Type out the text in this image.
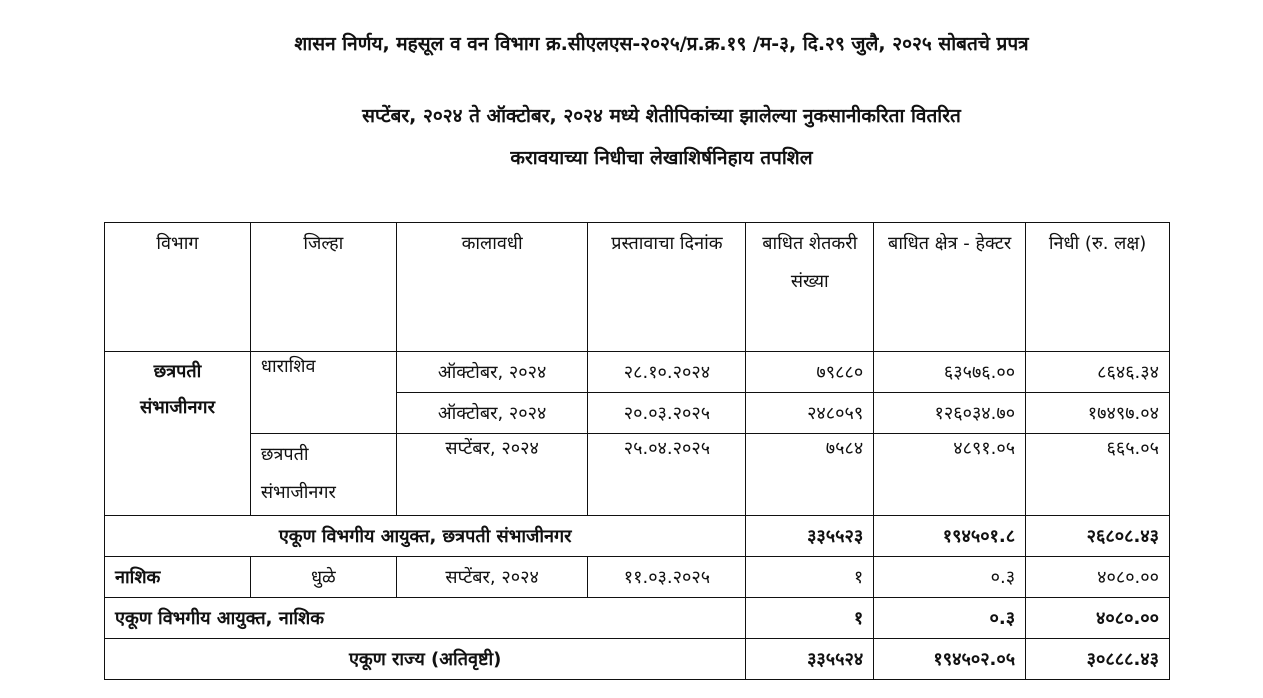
शासन निर्णय, महसूल व वन विभाग क्र.सीएलएस-२०२५/प्र.क्र.१९ /म-३, दि.२९ जुलै, २०२५ सोबतचे प्रपत्र
सप्टेंबर, २०२४ ते ऑक्टोबर, २०२४ मध्ये शेतीपिकांच्या झालेल्या नुकसानीकरिता वितरित
करावयाच्या निधीचा लेखाशिर्षनिहाय तपशिल
विभाग	जिल्हा	कालावधी	प्रस्तावाचा दिनांक	बाधित शेतकरी संख्या	बाधित क्षेत्र - हेक्टर	निधी (रु. लक्ष)
छत्रपती संभाजीनगर	धाराशिव	ऑक्टोबर, २०२४	२८.१०.२०२४	७९८८०	६३५७६.००	८६४६.३४
		ऑक्टोबर, २०२४	२०.०३.२०२५	२४८०५९	१२६०३४.७०	१७४९७.०४
	छत्रपती संभाजीनगर	सप्टेंबर, २०२४	२५.०४.२०२५	७५८४	४८९१.०५	६६५.०५
एकूण विभगीय आयुक्त, छत्रपती संभाजीनगर				३३५५२३	१९४५०१.८	२६८०८.४३
नाशिक	धुळे	सप्टेंबर, २०२४	११.०३.२०२५	१	०.३	४०८०.००
एकूण विभगीय आयुक्त, नाशिक				१	०.३	४०८०.००
एकूण राज्य (अतिवृष्टी)				३३५५२४	१९४५०२.०५	३०८८८.४३
